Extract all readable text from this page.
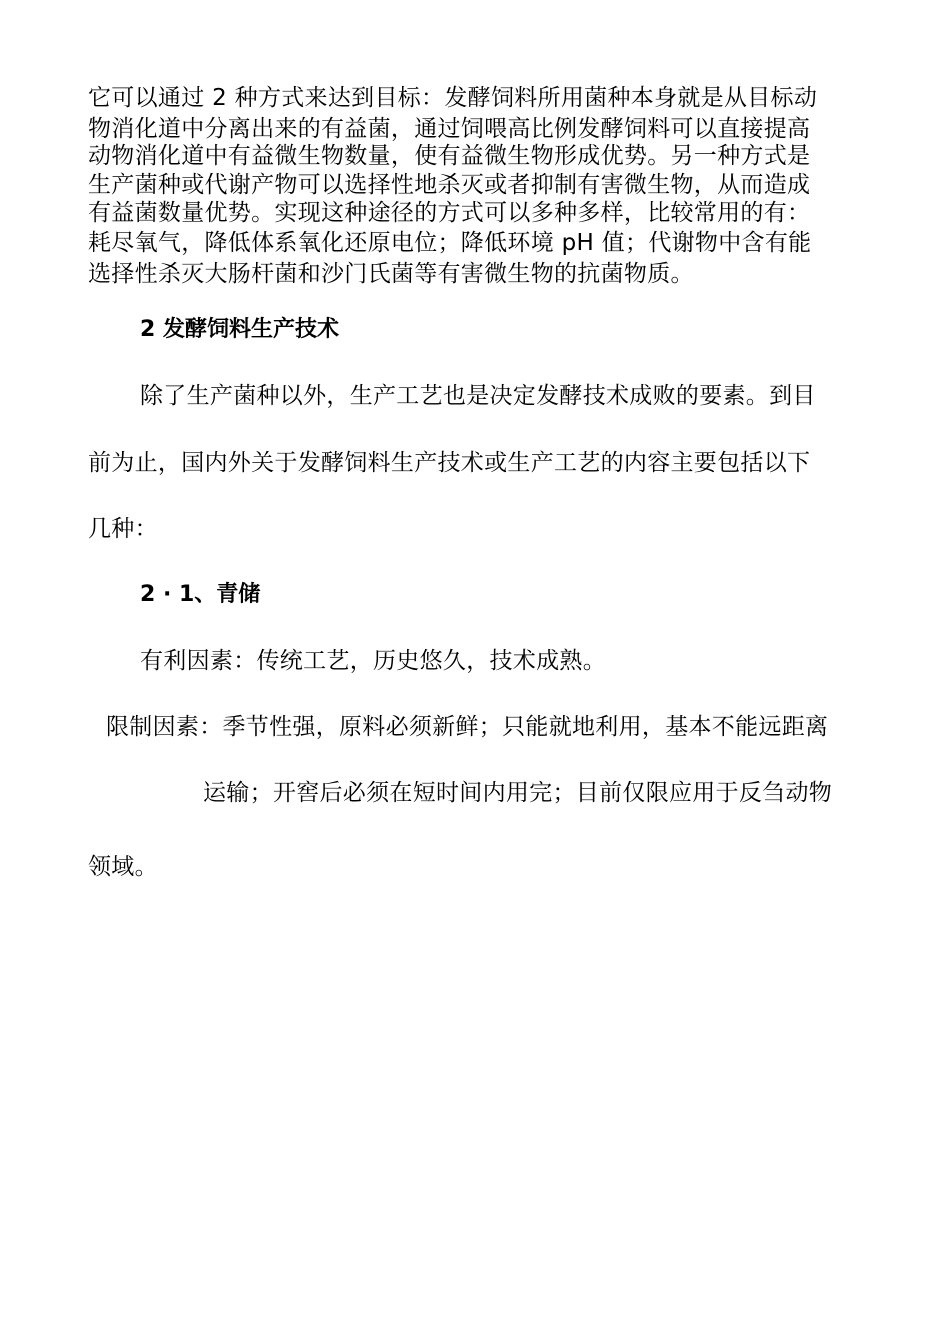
它可以通过 2 种方式来达到目标：发酵饲料所用菌种本身就是从目标动
物消化道中分离出来的有益菌，通过饲喂高比例发酵饲料可以直接提高
动物消化道中有益微生物数量，使有益微生物形成优势。另一种方式是
生产菌种或代谢产物可以选择性地杀灭或者抑制有害微生物，从而造成
有益菌数量优势。实现这种途径的方式可以多种多样，比较常用的有：
耗尽氧气，降低体系氧化还原电位；降低环境 pH 值；代谢物中含有能
选择性杀灭大肠杆菌和沙门氏菌等有害微生物的抗菌物质。
2 发酵饲料生产技术
除了生产菌种以外，生产工艺也是决定发酵技术成败的要素。到目
前为止，国内外关于发酵饲料生产技术或生产工艺的内容主要包括以下
几种：
2 · 1、青储
有利因素：传统工艺，历史悠久，技术成熟。
限制因素：季节性强，原料必须新鲜；只能就地利用，基本不能远距离
运输；开窖后必须在短时间内用完；目前仅限应用于反刍动物
领域。
